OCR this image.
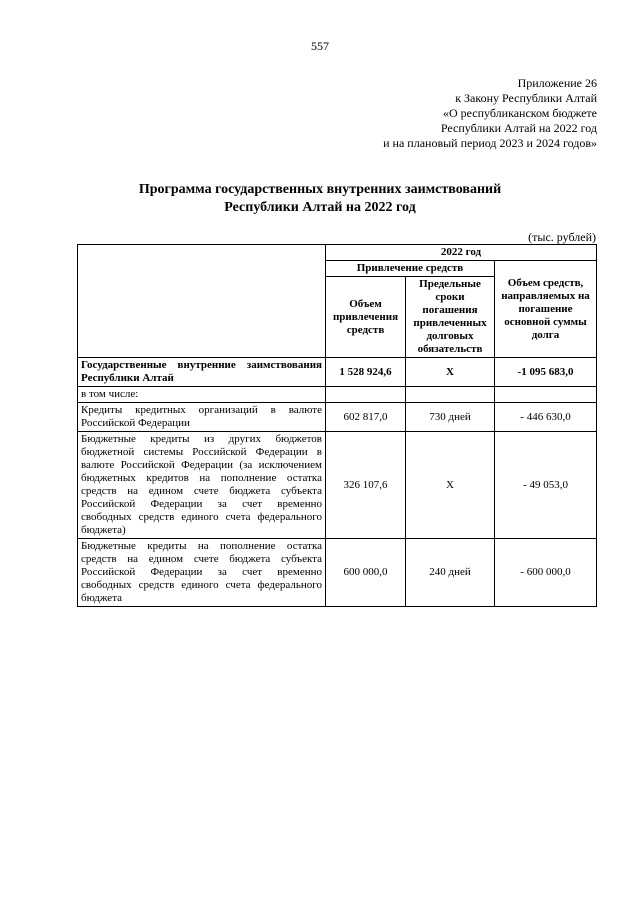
557
Приложение 26
к Закону Республики Алтай
«О республиканском бюджете
Республики Алтай на 2022 год
и на плановый период 2023 и 2024 годов»
Программа государственных внутренних заимствований
Республики Алтай на 2022 год
(тыс. рублей)
	2022 год		
	Привлечение средств		Объем средств, направляемых на погашение основной суммы долга
	Объем привлечения средств	Предельные сроки погашения привлеченных долговых обязательств	
Государственные внутренние заимствования Республики Алтай	1 528 924,6	X	-1 095 683,0
в том числе:			
Кредиты кредитных организаций в валюте Российской Федерации	602 817,0	730 дней	- 446 630,0
Бюджетные кредиты из других бюджетов бюджетной системы Российской Федерации в валюте Российской Федерации (за исключением бюджетных кредитов на пополнение остатка средств на едином счете бюджета субъекта Российской Федерации за счет временно свободных средств единого счета федерального бюджета)	326 107,6	X	- 49 053,0
Бюджетные кредиты на пополнение остатка средств на едином счете бюджета субъекта Российской Федерации за счет временно свободных средств единого счета федерального бюджета	600 000,0	240 дней	- 600 000,0
